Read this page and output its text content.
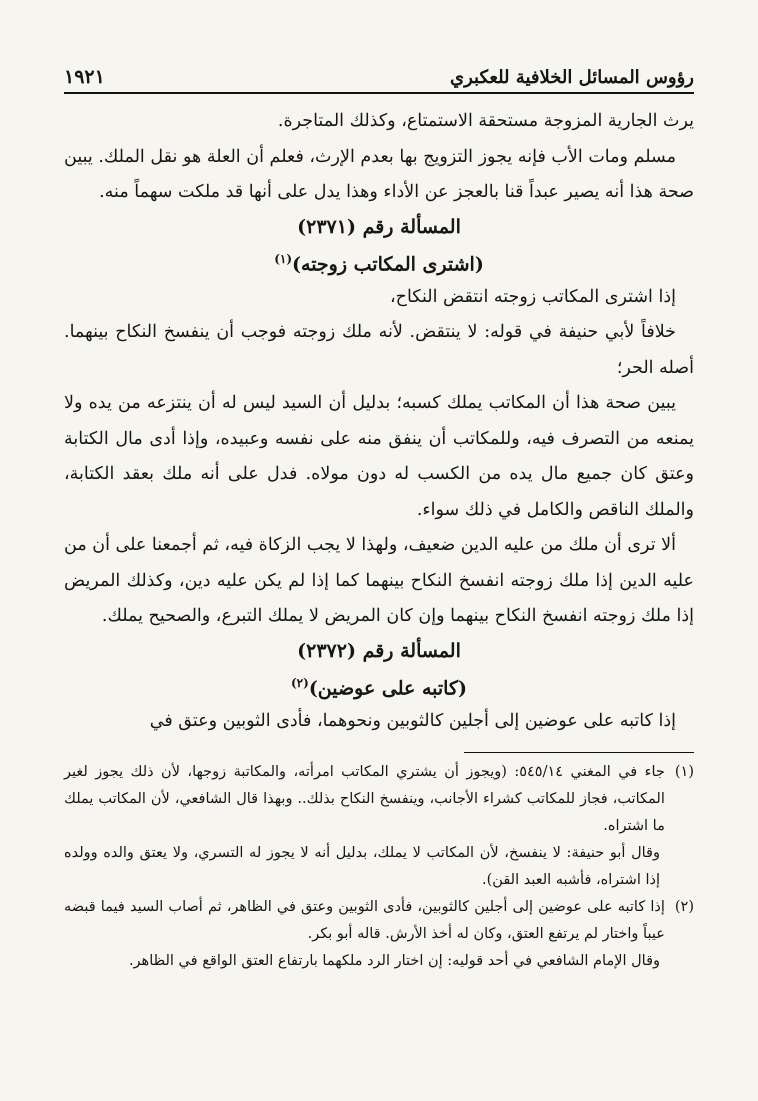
رؤوس المسائل الخلافية للعكبري
١٩٢١

يرث الجارية المزوجة مستحقة الاستمتاع، وكذلك المتاجرة.

مسلم ومات الأب فإنه يجوز التزويج بها بعدم الإرث، فعلم أن العلة هو نقل الملك. يبين صحة هذا أنه يصير عبداً قنا بالعجز عن الأداء وهذا يدل على أنها قد ملكت سهماً منه.

المسألة رقم (٢٣٧١)

(اشترى المكاتب زوجته)$^{(١)}$

إذا اشترى المكاتب زوجته انتقض النكاح،

خلافاً لأبي حنيفة في قوله: لا ينتقض. لأنه ملك زوجته فوجب أن ينفسخ النكاح بينهما. أصله الحر؛

يبين صحة هذا أن المكاتب يملك كسبه؛ بدليل أن السيد ليس له أن ينتزعه من يده ولا يمنعه من التصرف فيه، وللمكاتب أن ينفق منه على نفسه وعبيده، وإذا أدى مال الكتابة وعتق كان جميع مال يده من الكسب له دون مولاه. فدل على أنه ملك بعقد الكتابة، والملك الناقص والكامل في ذلك سواء.

ألا ترى أن ملك من عليه الدين ضعيف، ولهذا لا يجب الزكاة فيه، ثم أجمعنا على أن من عليه الدين إذا ملك زوجته انفسخ النكاح بينهما كما إذا لم يكن عليه دين، وكذلك المريض إذا ملك زوجته انفسخ النكاح بينهما وإن كان المريض لا يملك التبرع، والصحيح يملك.

المسألة رقم (٢٣٧٢)

(كاتبه على عوضين)$^{(٢)}$

إذا كاتبه على عوضين إلى أجلين كالثوبين ونحوهما، فأدى الثوبين وعتق في

(١)
جاء في المغني ٥٤٥/١٤: (ويجوز أن يشتري المكاتب امرأته، والمكاتبة زوجها، لأن ذلك يجوز لغير المكاتب، فجاز للمكاتب كشراء الأجانب، وينفسخ النكاح بذلك.. وبهذا قال الشافعي، لأن المكاتب يملك ما اشتراه.

وقال أبو حنيفة: لا ينفسخ، لأن المكاتب لا يملك، بدليل أنه لا يجوز له التسري، ولا يعتق والده وولده إذا اشتراه، فأشبه العبد القن).

(٢)
إذا كاتبه على عوضين إلى أجلين كالثوبين، فأدى الثوبين وعتق في الظاهر، ثم أصاب السيد فيما قبضه عيباً واختار لم يرتفع العتق، وكان له أخذ الأرش. قاله أبو بكر.

وقال الإمام الشافعي في أحد قوليه: إن اختار الرد ملكهما بارتفاع العتق الواقع في الظاهر.
